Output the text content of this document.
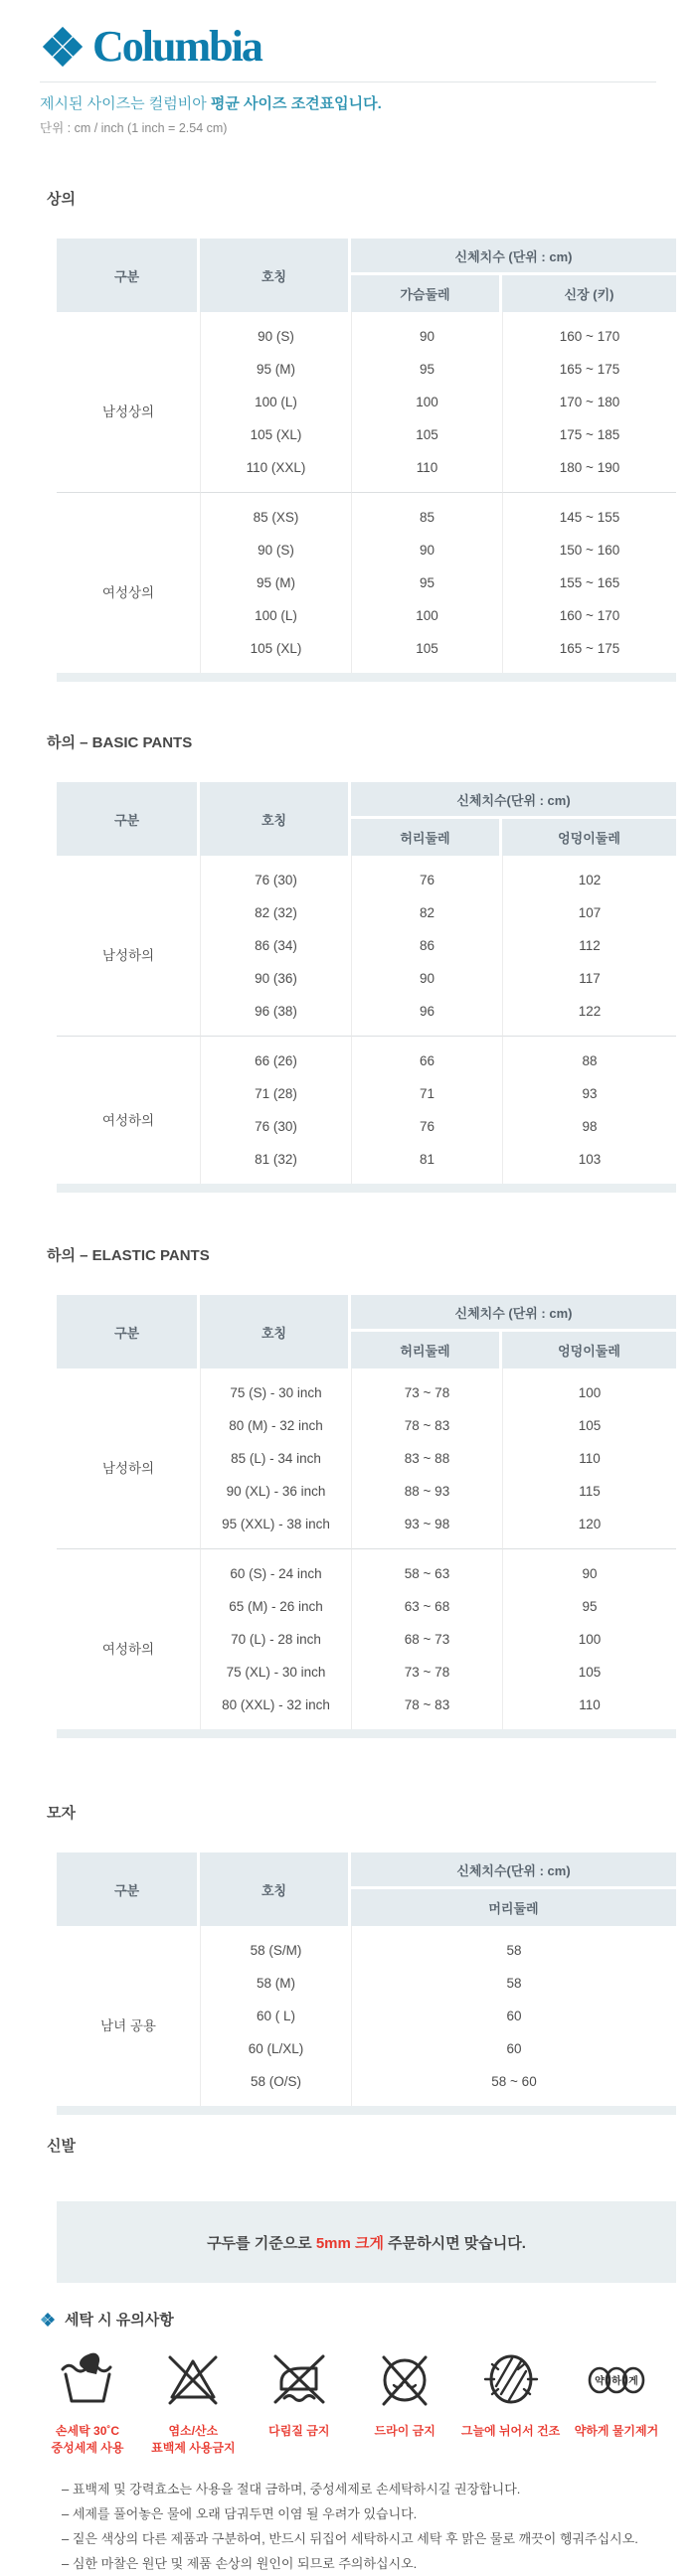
Columbia
제시된 사이즈는 컬럼비아 평균 사이즈 조견표입니다.
단위 : cm / inch (1 inch = 2.54 cm)
상의
구분	호칭	신체치수 (단위 : cm)	
		가슴둘레	신장 (키)
남성상의	90 (S)	90	160 ~ 170
	95 (M)	95	165 ~ 175
	100 (L)	100	170 ~ 180
	105 (XL)	105	175 ~ 185
	110 (XXL)	110	180 ~ 190
여성상의	85 (XS)	85	145 ~ 155
	90 (S)	90	150 ~ 160
	95 (M)	95	155 ~ 165
	100 (L)	100	160 ~ 170
	105 (XL)	105	165 ~ 175

하의 – BASIC PANTS
구분	호칭	신체치수(단위 : cm)	
		허리둘레	엉덩이둘레
남성하의	76 (30)	76	102
	82 (32)	82	107
	86 (34)	86	112
	90 (36)	90	117
	96 (38)	96	122
여성하의	66 (26)	66	88
	71 (28)	71	93
	76 (30)	76	98
	81 (32)	81	103

하의 – ELASTIC PANTS
구분	호칭	신체치수 (단위 : cm)	
		허리둘레	엉덩이둘레
남성하의	75 (S) - 30 inch	73 ~ 78	100
	80 (M) - 32 inch	78 ~ 83	105
	85 (L) - 34 inch	83 ~ 88	110
	90 (XL) - 36 inch	88 ~ 93	115
	95 (XXL) - 38 inch	93 ~ 98	120
여성하의	60 (S) - 24 inch	58 ~ 63	90
	65 (M) - 26 inch	63 ~ 68	95
	70 (L) - 28 inch	68 ~ 73	100
	75 (XL) - 30 inch	73 ~ 78	105
	80 (XXL) - 32 inch	78 ~ 83	110

모자
구분	호칭	신체치수(단위 : cm)
		머리둘레
남녀 공용	58 (S/M)	58
	58 (M)	58
	60 ( L)	60
	60 (L/XL)	60
	58 (O/S)	58 ~ 60

신발
구두를 기준으로 5mm 크게 주문하시면 맞습니다.
세탁 시 유의사항
손세탁 30˚C
중성세제 사용
염소/산소
표백제 사용금지
다림질 금지	드라이 금지 그늘에 뉘어서 건조
약 하 게
약하게 물기제거
– 표백제 및 강력효소는 사용을 절대 금하며, 중성세제로 손세탁하시길 권장합니다.
– 세제를 풀어놓은 물에 오래 담궈두면 이염 될 우려가 있습니다.
– 짙은 색상의 다른 제품과 구분하여, 반드시 뒤집어 세탁하시고 세탁 후 맑은 물로 깨끗이 헹궈주십시오.
– 심한 마찰은 원단 및 제품 손상의 원인이 되므로 주의하십시오.
